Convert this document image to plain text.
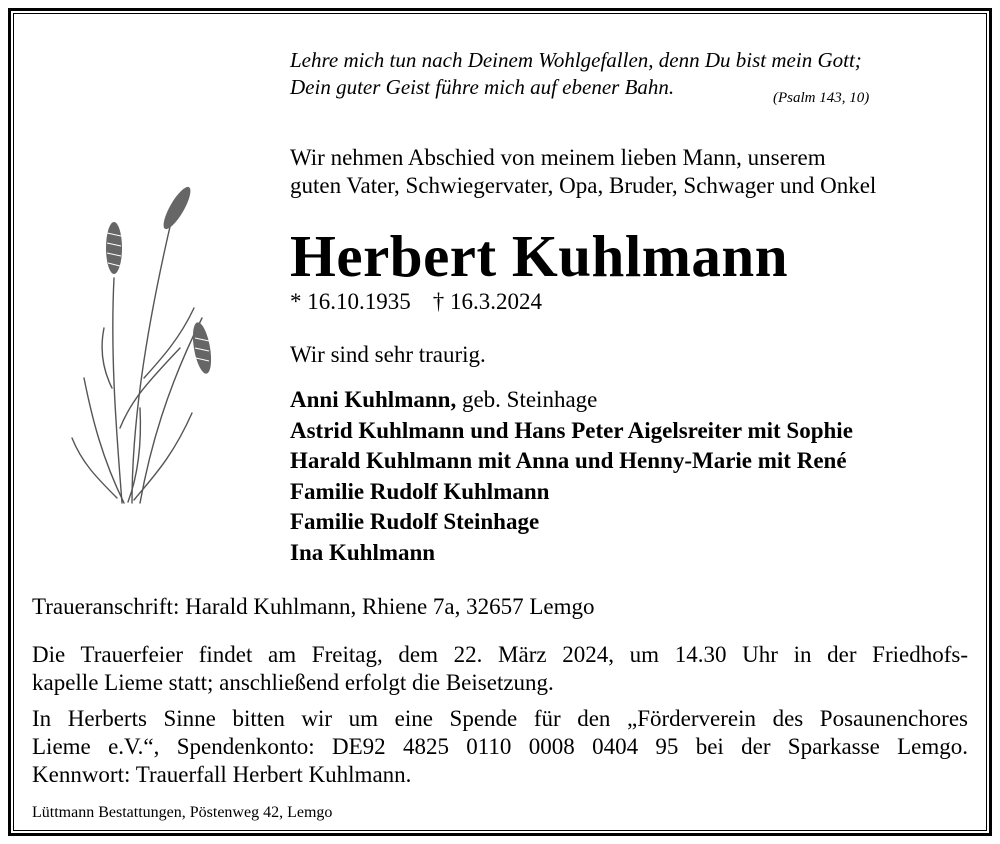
Lehre mich tun nach Deinem Wohlgefallen, denn Du bist mein Gott;
Dein guter Geist führe mich auf ebener Bahn.	(Psalm 143, 10)
Wir nehmen Abschied von meinem lieben Mann, unserem
guten Vater, Schwiegervater, Opa, Bruder, Schwager und Onkel
Herbert Kuhlmann
* 16.10.1935 † 16.3.2024
Wir sind sehr traurig.
Anni Kuhlmann, geb. Steinhage
Astrid Kuhlmann und Hans Peter Aigelsreiter mit Sophie
Harald Kuhlmann mit Anna und Henny-Marie mit René
Familie Rudolf Kuhlmann
Familie Rudolf Steinhage
Ina Kuhlmann
Traueranschrift: Harald Kuhlmann, Rhiene 7a, 32657 Lemgo
Die Trauerfeier findet am Freitag, dem 22. März 2024, um 14.30 Uhr in der Friedhofs-
kapelle Lieme statt; anschließend erfolgt die Beisetzung.
In Herberts Sinne bitten wir um eine Spende für den „Förderverein des Posaunenchores
Lieme e.V.“, Spendenkonto: DE92 4825 0110 0008 0404 95 bei der Sparkasse Lemgo.
Kennwort: Trauerfall Herbert Kuhlmann.
Lüttmann Bestattungen, Pöstenweg 42, Lemgo
